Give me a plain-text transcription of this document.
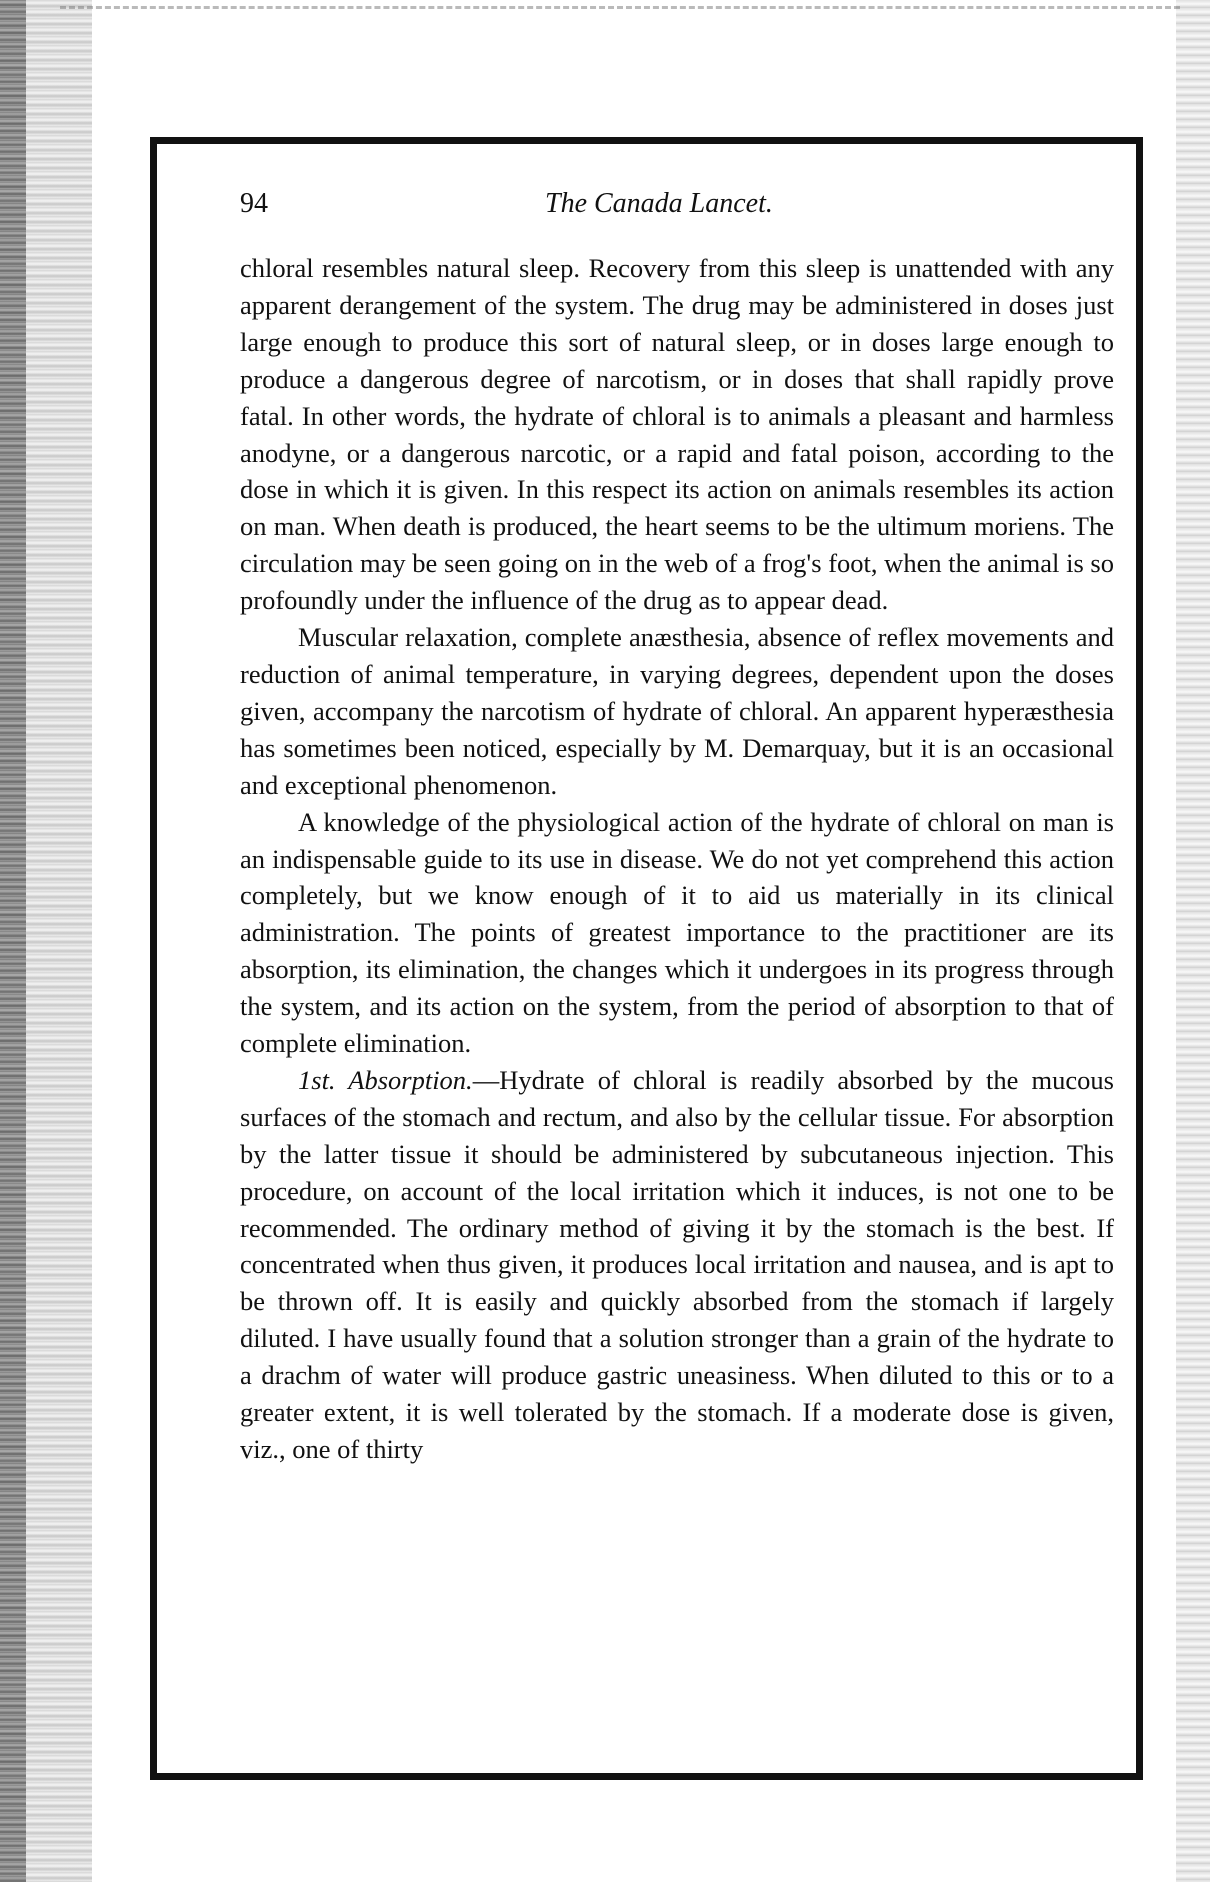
94	The Canada Lancet.

chloral resembles natural sleep. Recovery from this sleep is unattended with any apparent derangement of the system. The drug may be administered in doses just large enough to produce this sort of natural sleep, or in doses large enough to produce a dangerous degree of narcotism, or in doses that shall rapidly prove fatal. In other words, the hydrate of chloral is to animals a pleasant and harmless anodyne, or a dangerous narcotic, or a rapid and fatal poison, according to the dose in which it is given. In this respect its action on animals resembles its action on man. When death is produced, the heart seems to be the ultimum moriens. The circulation may be seen going on in the web of a frog's foot, when the animal is so profoundly under the influence of the drug as to appear dead.

Muscular relaxation, complete anæsthesia, absence of reflex movements and reduction of animal temperature, in varying degrees, dependent upon the doses given, accompany the narcotism of hydrate of chloral. An apparent hyperæsthesia has sometimes been noticed, especially by M. Demarquay, but it is an occasional and exceptional phenomenon.

A knowledge of the physiological action of the hydrate of chloral on man is an indispensable guide to its use in disease. We do not yet comprehend this action completely, but we know enough of it to aid us materially in its clinical administration. The points of greatest importance to the practitioner are its absorption, its elimination, the changes which it undergoes in its progress through the system, and its action on the system, from the period of absorption to that of complete elimination.

1st. Absorption.—Hydrate of chloral is readily absorbed by the mucous surfaces of the stomach and rectum, and also by the cellular tissue. For absorption by the latter tissue it should be administered by subcutaneous injection. This procedure, on account of the local irritation which it induces, is not one to be recommended. The ordinary method of giving it by the stomach is the best. If concentrated when thus given, it produces local irritation and nausea, and is apt to be thrown off. It is easily and quickly absorbed from the stomach if largely diluted. I have usually found that a solution stronger than a grain of the hydrate to a drachm of water will produce gastric uneasiness. When diluted to this or to a greater extent, it is well tolerated by the stomach. If a moderate dose is given, viz., one of thirty
